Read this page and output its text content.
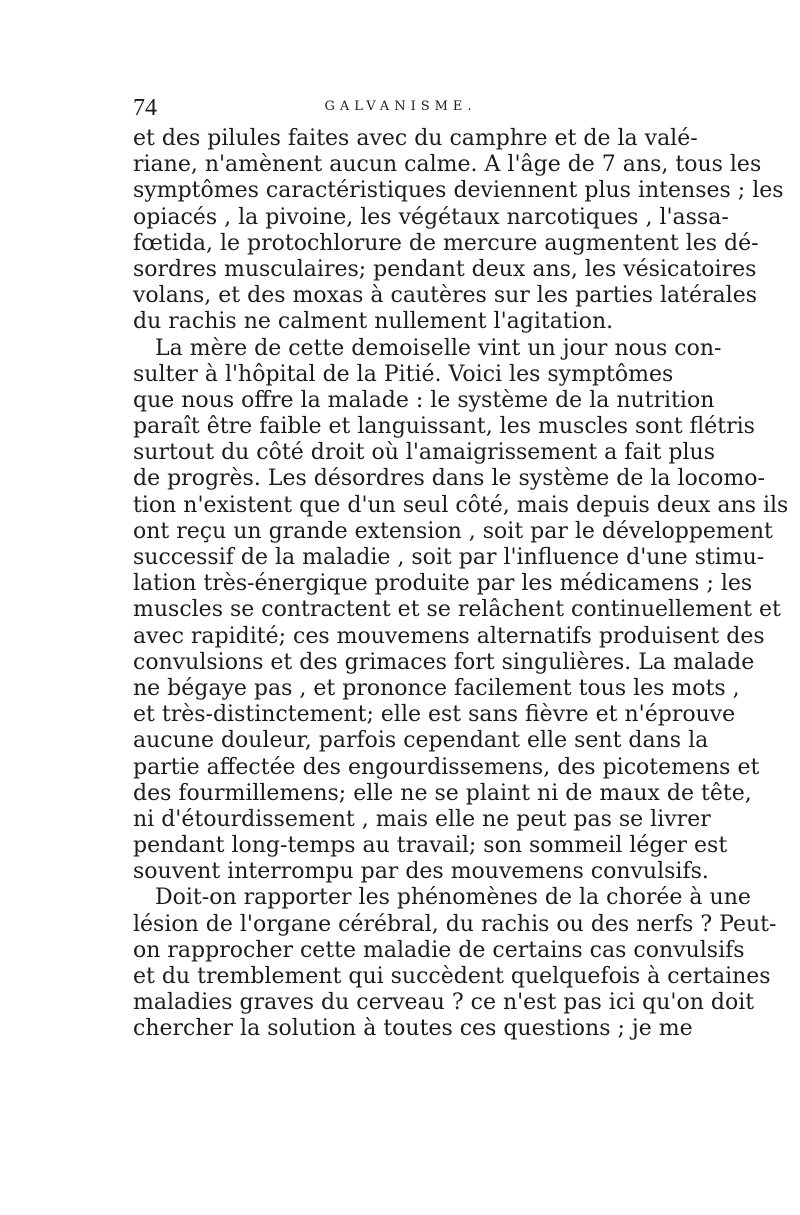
74	GALVANISME.
et des pilules faites avec du camphre et de la valé-
riane, n'amènent aucun calme. A l'âge de 7 ans, tous les
symptômes caractéristiques deviennent plus intenses ; les
opiacés , la pivoine, les végétaux narcotiques , l'assa-
fœtida, le protochlorure de mercure augmentent les dé-
sordres musculaires; pendant deux ans, les vésicatoires
volans, et des moxas à cautères sur les parties latérales
du rachis ne calment nullement l'agitation.
La mère de cette demoiselle vint un jour nous con-
sulter à l'hôpital de la Pitié. Voici les symptômes
que nous offre la malade : le système de la nutrition
paraît être faible et languissant, les muscles sont flétris
surtout du côté droit où l'amaigrissement a fait plus
de progrès. Les désordres dans le système de la locomo-
tion n'existent que d'un seul côté, mais depuis deux ans ils
ont reçu un grande extension , soit par le développement
successif de la maladie , soit par l'influence d'une stimu-
lation très-énergique produite par les médicamens ; les
muscles se contractent et se relâchent continuellement et
avec rapidité; ces mouvemens alternatifs produisent des
convulsions et des grimaces fort singulières. La malade
ne bégaye pas , et prononce facilement tous les mots ,
et très-distinctement; elle est sans fièvre et n'éprouve
aucune douleur, parfois cependant elle sent dans la
partie affectée des engourdissemens, des picotemens et
des fourmillemens; elle ne se plaint ni de maux de tête,
ni d'étourdissement , mais elle ne peut pas se livrer
pendant long-temps au travail; son sommeil léger est
souvent interrompu par des mouvemens convulsifs.
Doit-on rapporter les phénomènes de la chorée à une
lésion de l'organe cérébral, du rachis ou des nerfs ? Peut-
on rapprocher cette maladie de certains cas convulsifs
et du tremblement qui succèdent quelquefois à certaines
maladies graves du cerveau ? ce n'est pas ici qu'on doit
chercher la solution à toutes ces questions ; je me
